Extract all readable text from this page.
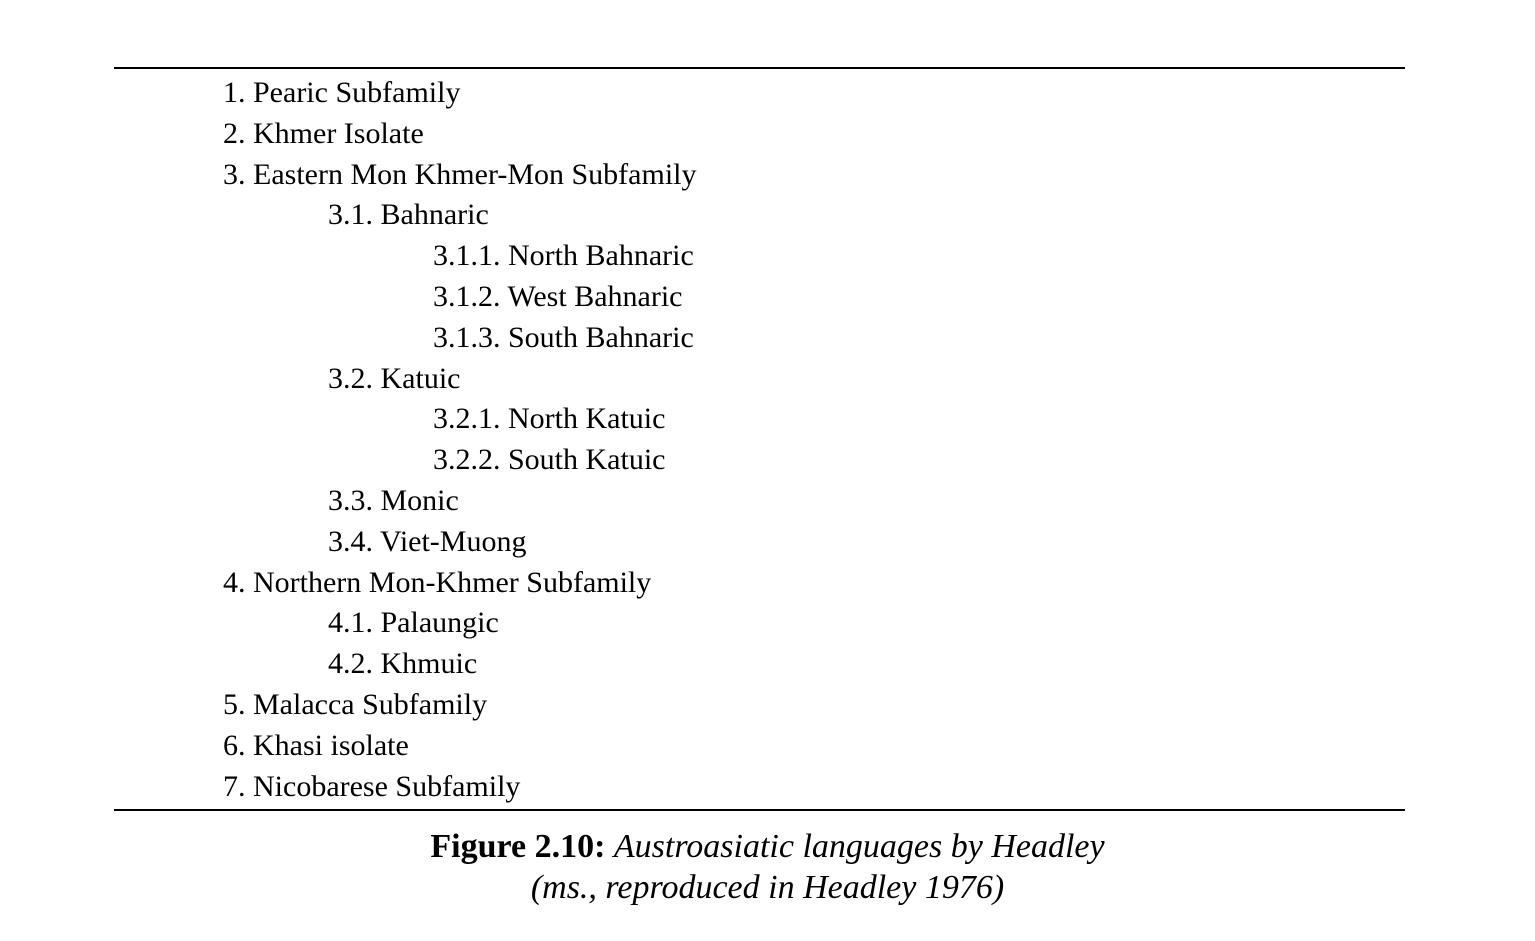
1. Pearic Subfamily
2. Khmer Isolate
3. Eastern Mon Khmer-Mon Subfamily
3.1. Bahnaric
3.1.1. North Bahnaric
3.1.2. West Bahnaric
3.1.3. South Bahnaric
3.2. Katuic
3.2.1. North Katuic
3.2.2. South Katuic
3.3. Monic
3.4. Viet-Muong
4. Northern Mon-Khmer Subfamily
4.1. Palaungic
4.2. Khmuic
5. Malacca Subfamily
6. Khasi isolate
7. Nicobarese Subfamily
Figure 2.10: Austroasiatic languages by Headley
(ms., reproduced in Headley 1976)
